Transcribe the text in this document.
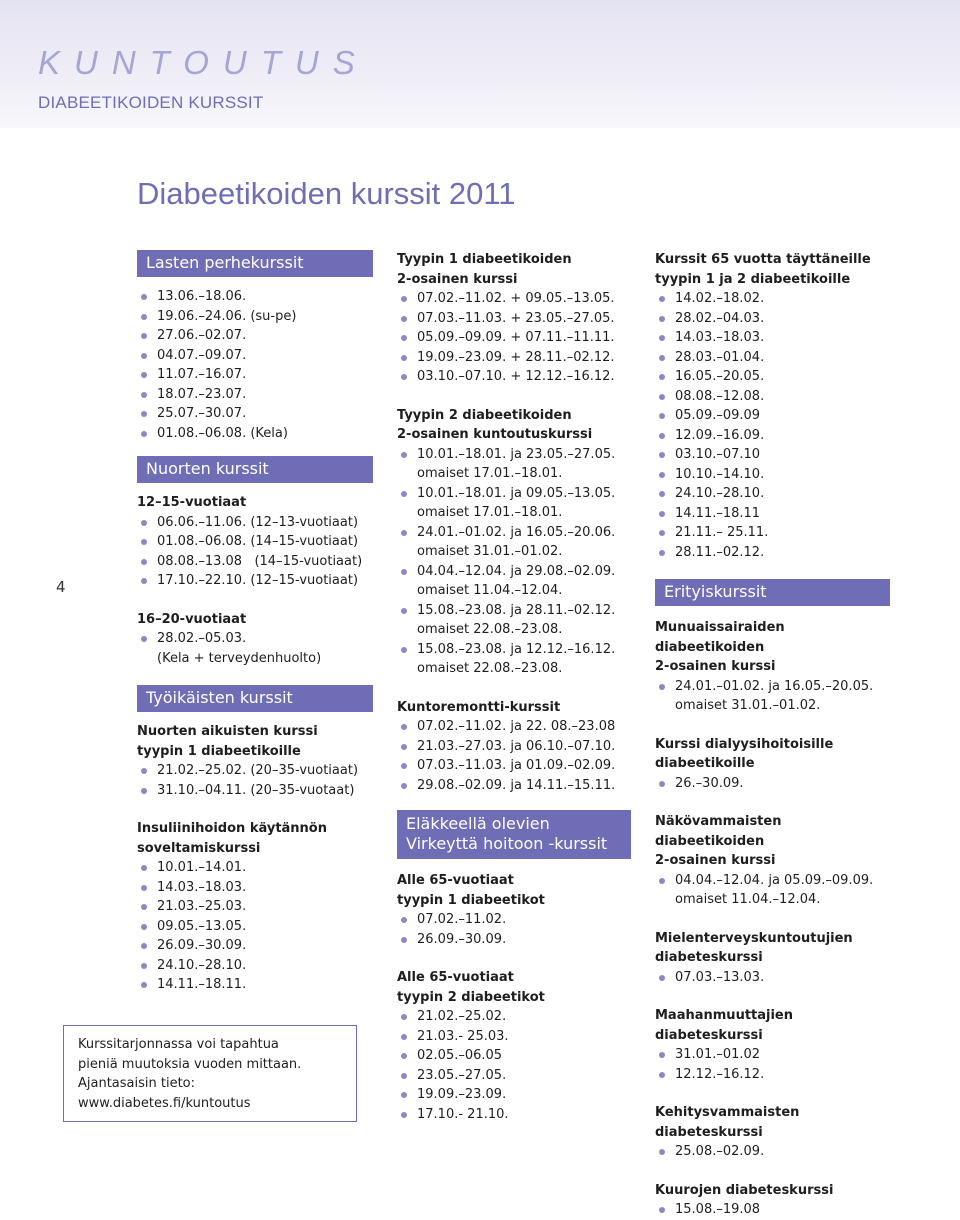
KUNTOUTUS
DIABEETIKOIDEN KURSSIT
Diabeetikoiden kurssit 2011
4
Lasten perhekurssit
13.06.–18.06.
19.06.–24.06. (su-pe)
27.06.–02.07.
04.07.–09.07.
11.07.–16.07.
18.07.–23.07.
25.07.–30.07.
01.08.–06.08. (Kela)
Nuorten kurssit

12–15-vuotiaat

06.06.–11.06. (12–13-vuotiaat)
01.08.–06.08. (14–15-vuotiaat)
08.08.–13.08   (14–15-vuotiaat)
17.10.–22.10. (12–15-vuotiaat)

16–20-vuotiaat

28.02.–05.03.
(Kela + terveydenhuolto)
Työikäisten kurssit

Nuorten aikuisten kurssi

tyypin 1 diabeetikoille

21.02.–25.02. (20–35-vuotiaat)
31.10.–04.11. (20–35-vuotaat)

Insuliinihoidon käytännön

soveltamiskurssi

10.01.–14.01.
14.03.–18.03.
21.03.–25.03.
09.05.–13.05.
26.09.–30.09.
24.10.–28.10.
14.11.–18.11.
Kurssitarjonnassa voi tapahtua
pieniä muutoksia vuoden mittaan.
Ajantasaisin tieto:
www.diabetes.fi/kuntoutus

Tyypin 1 diabeetikoiden

2-osainen kurssi

07.02.–11.02. + 09.05.–13.05.
07.03.–11.03. + 23.05.–27.05.
05.09.–09.09. + 07.11.–11.11.
19.09.–23.09. + 28.11.–02.12.
03.10.–07.10. + 12.12.–16.12.

Tyypin 2 diabeetikoiden

2-osainen kuntoutuskurssi

10.01.–18.01. ja 23.05.–27.05.
omaiset 17.01.–18.01.
10.01.–18.01. ja 09.05.–13.05.
omaiset 17.01.–18.01.
24.01.–01.02. ja 16.05.–20.06.
omaiset 31.01.–01.02.
04.04.–12.04. ja 29.08.–02.09.
omaiset 11.04.–12.04.
15.08.–23.08. ja 28.11.–02.12.
omaiset 22.08.–23.08.
15.08.–23.08. ja 12.12.–16.12.
omaiset 22.08.–23.08.

Kuntoremontti-kurssit

07.02.–11.02. ja 22. 08.–23.08
21.03.–27.03. ja 06.10.–07.10.
07.03.–11.03. ja 01.09.–02.09.
29.08.–02.09. ja 14.11.–15.11.
Eläkkeellä olevien
Virkeyttä hoitoon -kurssit

Alle 65-vuotiaat

tyypin 1 diabeetikot

07.02.–11.02.
26.09.–30.09.

Alle 65-vuotiaat

tyypin 2 diabeetikot

21.02.–25.02.
21.03.- 25.03.
02.05.–06.05
23.05.–27.05.
19.09.–23.09.
17.10.- 21.10.

Kurssit 65 vuotta täyttäneille

tyypin 1 ja 2 diabeetikoille

14.02.–18.02.
28.02.–04.03.
14.03.–18.03.
28.03.–01.04.
16.05.–20.05.
08.08.–12.08.
05.09.–09.09
12.09.–16.09.
03.10.–07.10
10.10.–14.10.
24.10.–28.10.
14.11.–18.11
21.11.– 25.11.
28.11.–02.12.
Erityiskurssit

Munuaissairaiden diabeetikoiden

2-osainen kurssi

24.01.–01.02. ja 16.05.–20.05.
omaiset 31.01.–01.02.

Kurssi dialyysihoitoisille

diabeetikoille

26.–30.09.

Näkövammaisten diabeetikoiden

2-osainen kurssi

04.04.–12.04. ja 05.09.–09.09.
omaiset 11.04.–12.04.

Mielenterveyskuntoutujien

diabeteskurssi

07.03.–13.03.

Maahanmuuttajien diabeteskurssi

31.01.–01.02
12.12.–16.12.

Kehitysvammaisten diabeteskurssi

25.08.–02.09.

Kuurojen diabeteskurssi

15.08.–19.08
